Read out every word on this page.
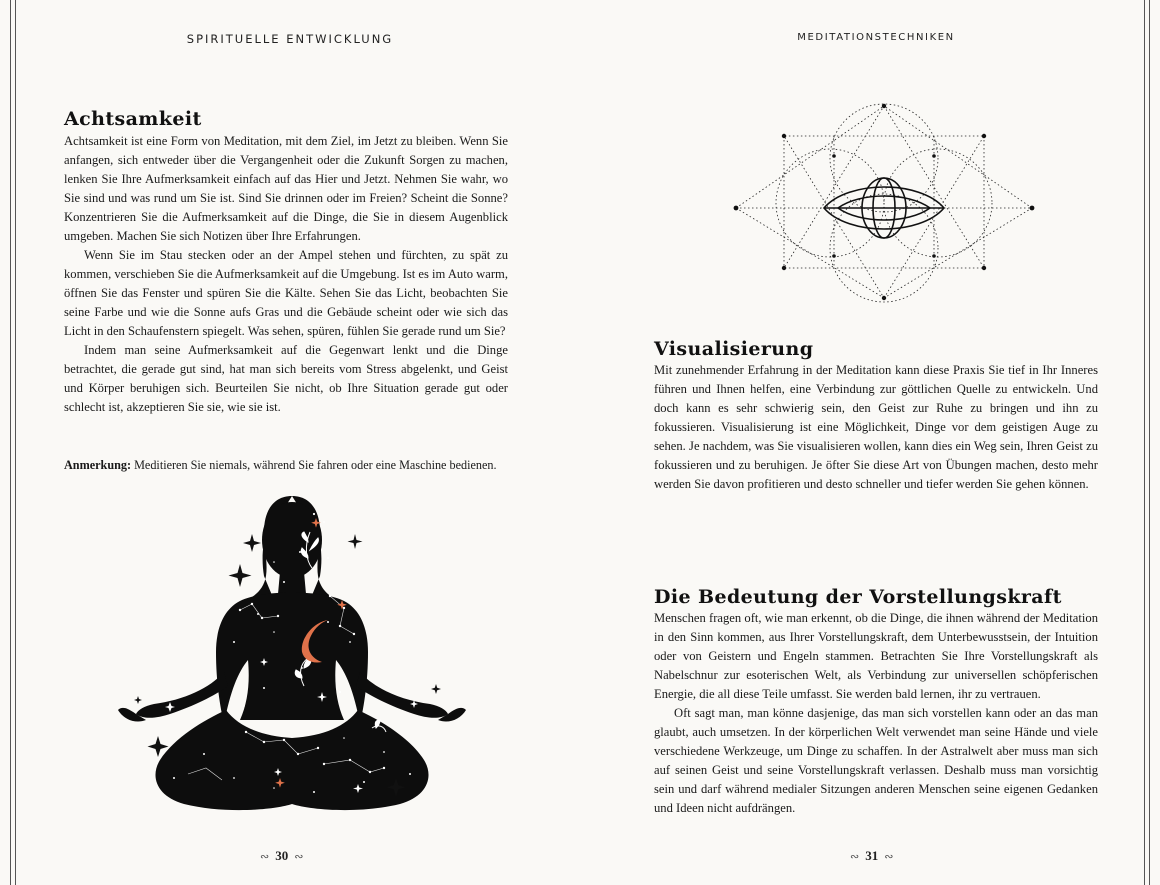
SPIRITUELLE ENTWICKLUNG
Achtsamkeit

Achtsamkeit ist eine Form von Meditation, mit dem Ziel, im Jetzt zu bleiben. Wenn Sie anfangen, sich entweder über die Vergangenheit oder die Zukunft Sorgen zu machen, lenken Sie Ihre Aufmerksamkeit einfach auf das Hier und Jetzt. Nehmen Sie wahr, wo Sie sind und was rund um Sie ist. Sind Sie drinnen oder im Freien? Scheint die Sonne? Konzentrieren Sie die Aufmerksamkeit auf die Dinge, die Sie in diesem Augenblick umgeben. Machen Sie sich Notizen über Ihre Erfahrungen.

Wenn Sie im Stau stecken oder an der Ampel stehen und fürchten, zu spät zu kommen, verschieben Sie die Aufmerksamkeit auf die Umgebung. Ist es im Auto warm, öffnen Sie das Fenster und spüren Sie die Kälte. Sehen Sie das Licht, beobachten Sie seine Farbe und wie die Sonne aufs Gras und die Gebäude scheint oder wie sich das Licht in den Schaufenstern spiegelt. Was sehen, spüren, fühlen Sie gerade rund um Sie?

Indem man seine Aufmerksamkeit auf die Gegenwart lenkt und die Dinge betrachtet, die gerade gut sind, hat man sich bereits vom Stress abgelenkt, und Geist und Körper beruhigen sich. Beurteilen Sie nicht, ob Ihre Situation gerade gut oder schlecht ist, akzeptieren Sie sie, wie sie ist.

Anmerkung: Meditieren Sie niemals, während Sie fahren oder eine Maschine bedienen.
∾ 30 ∾
MEDITATIONSTECHNIKEN
Visualisierung

Mit zunehmender Erfahrung in der Meditation kann diese Praxis Sie tief in Ihr Inneres führen und Ihnen helfen, eine Verbindung zur göttlichen Quelle zu entwickeln. Und doch kann es sehr schwierig sein, den Geist zur Ruhe zu bringen und ihn zu fokussieren. Visualisierung ist eine Möglichkeit, Dinge vor dem geistigen Auge zu sehen. Je nachdem, was Sie visualisieren wollen, kann dies ein Weg sein, Ihren Geist zu fokussieren und zu beruhigen. Je öfter Sie diese Art von Übungen machen, desto mehr werden Sie davon profitieren und desto schneller und tiefer werden Sie gehen können.

Die Bedeutung der Vorstellungskraft

Menschen fragen oft, wie man erkennt, ob die Dinge, die ihnen während der Meditation in den Sinn kommen, aus Ihrer Vorstellungskraft, dem Unterbewusstsein, der Intuition oder von Geistern und Engeln stammen. Betrachten Sie Ihre Vorstellungskraft als Nabelschnur zur esoterischen Welt, als Verbindung zur universellen schöpferischen Energie, die all diese Teile umfasst. Sie werden bald lernen, ihr zu vertrauen.

Oft sagt man, man könne dasjenige, das man sich vorstellen kann oder an das man glaubt, auch umsetzen. In der körperlichen Welt verwendet man seine Hände und viele verschiedene Werkzeuge, um Dinge zu schaffen. In der Astralwelt aber muss man sich auf seinen Geist und seine Vorstellungskraft verlassen. Deshalb muss man vorsichtig sein und darf während medialer Sitzungen anderen Menschen seine eigenen Gedanken und Ideen nicht aufdrängen.

∾ 31 ∾
